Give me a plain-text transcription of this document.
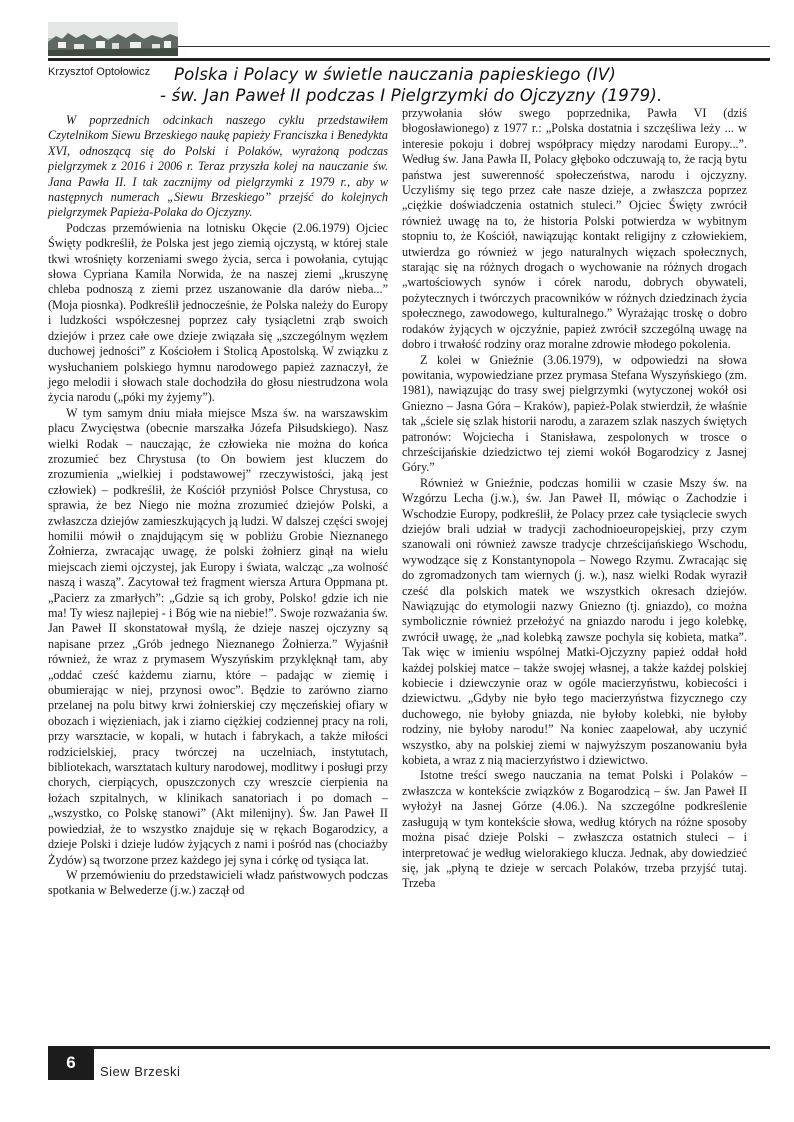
Krzysztof Optołowicz	Polska i Polacy w świetle nauczania papieskiego (IV)
- św. Jan Paweł II podczas I Pielgrzymki do Ojczyzny (1979).

W poprzednich odcinkach naszego cyklu przedstawiłem Czytelnikom Siewu Brzeskiego naukę papieży Franciszka i Benedykta XVI, odnoszącą się do Polski i Polaków, wyrażoną podczas pielgrzymek z 2016 i 2006 r. Teraz przyszła kolej na nauczanie św. Jana Pawła II. I tak zacznijmy od pielgrzymki z 1979 r., aby w następnych numerach „Siewu Brzeskiego” przejść do kolejnych pielgrzymek Papieża-Polaka do Ojczyzny.

Podczas przemówienia na lotnisku Okęcie (2.06.1979) Ojciec Święty podkreślił, że Polska jest jego ziemią ojczystą, w której stale tkwi wrośnięty korzeniami swego życia, serca i powołania, cytując słowa Cypriana Kamila Norwida, że na naszej ziemi „kruszynę chleba podnoszą z ziemi przez uszanowanie dla darów nieba...” (Moja piosnka). Podkreślił jednocześnie, że Polska należy do Europy i ludzkości współczesnej poprzez cały tysiącletni zrąb swoich dziejów i przez całe owe dzieje związała się „szczególnym węzłem duchowej jedności” z Kościołem i Stolicą Apostolską. W związku z wysłuchaniem polskiego hymnu narodowego papież zaznaczył, że jego melodii i słowach stale dochodziła do głosu niestrudzona wola życia narodu („póki my żyjemy”).

W tym samym dniu miała miejsce Msza św. na warszawskim placu Zwycięstwa (obecnie marszałka Józefa Piłsudskiego). Nasz wielki Rodak – nauczając, że człowieka nie można do końca zrozumieć bez Chrystusa (to On bowiem jest kluczem do zrozumienia „wielkiej i podstawowej” rzeczywistości, jaką jest człowiek) – podkreślił, że Kościół przyniósł Polsce Chrystusa, co sprawia, że bez Niego nie można zrozumieć dziejów Polski, a zwłaszcza dziejów zamieszkujących ją ludzi. W dalszej części swojej homilii mówił o znajdującym się w pobliżu Grobie Nieznanego Żołnierza, zwracając uwagę, że polski żołnierz ginął na wielu miejscach ziemi ojczystej, jak Europy i świata, walcząc „za wolność naszą i waszą”. Zacytował też fragment wiersza Artura Oppmana pt. „Pacierz za zmarłych”: „Gdzie są ich groby, Polsko! gdzie ich nie ma! Ty wiesz najlepiej - i Bóg wie na niebie!”. Swoje rozważania św. Jan Paweł II skonstatował myślą, że dzieje naszej ojczyzny są napisane przez „Grób jednego Nieznanego Żołnierza.” Wyjaśnił również, że wraz z prymasem Wyszyńskim przyklęknął tam, aby „oddać cześć każdemu ziarnu, które – padając w ziemię i obumierając w niej, przynosi owoc”. Będzie to zarówno ziarno przelanej na polu bitwy krwi żołnierskiej czy męczeńskiej ofiary w obozach i więzieniach, jak i ziarno ciężkiej codziennej pracy na roli, przy warsztacie, w kopali, w hutach i fabrykach, a także miłości rodzicielskiej, pracy twórczej na uczelniach, instytutach, bibliotekach, warsztatach kultury narodowej, modlitwy i posługi przy chorych, cierpiących, opuszczonych czy wreszcie cierpienia na łożach szpitalnych, w klinikach sanatoriach i po domach – „wszystko, co Polskę stanowi” (Akt milenijny). Św. Jan Paweł II powiedział, że to wszystko znajduje się w rękach Bogarodzicy, a dzieje Polski i dzieje ludów żyjących z nami i pośród nas (chociażby Żydów) są tworzone przez każdego jej syna i córkę od tysiąca lat.

W przemówieniu do przedstawicieli władz państwowych podczas spotkania w Belwederze (j.w.) zaczął od

przywołania słów swego poprzednika, Pawła VI (dziś błogosławionego) z 1977 r.: „Polska dostatnia i szczęśliwa leży ... w interesie pokoju i dobrej współpracy między narodami Europy...”. Według św. Jana Pawła II, Polacy głęboko odczuwają to, że racją bytu państwa jest suwerenność społeczeństwa, narodu i ojczyzny. Uczyliśmy się tego przez całe nasze dzieje, a zwłaszcza poprzez „ciężkie doświadczenia ostatnich stuleci.” Ojciec Święty zwrócił również uwagę na to, że historia Polski potwierdza w wybitnym stopniu to, że Kościół, nawiązując kontakt religijny z człowiekiem, utwierdza go również w jego naturalnych więzach społecznych, starając się na różnych drogach o wychowanie na różnych drogach „wartościowych synów i córek narodu, dobrych obywateli, pożytecznych i twórczych pracowników w różnych dziedzinach życia społecznego, zawodowego, kulturalnego.” Wyrażając troskę o dobro rodaków żyjących w ojczyźnie, papież zwrócił szczególną uwagę na dobro i trwałość rodziny oraz moralne zdrowie młodego pokolenia.

Z kolei w Gnieźnie (3.06.1979), w odpowiedzi na słowa powitania, wypowiedziane przez prymasa Stefana Wyszyńskiego (zm. 1981), nawiązując do trasy swej pielgrzymki (wytyczonej wokół osi Gniezno – Jasna Góra – Kraków), papież-Polak stwierdził, że właśnie tak „ściele się szlak historii narodu, a zarazem szlak naszych świętych patronów: Wojciecha i Stanisława, zespolonych w trosce o chrześcijańskie dziedzictwo tej ziemi wokół Bogarodzicy z Jasnej Góry.”

Również w Gnieźnie, podczas homilii w czasie Mszy św. na Wzgórzu Lecha (j.w.), św. Jan Paweł II, mówiąc o Zachodzie i Wschodzie Europy, podkreślił, że Polacy przez całe tysiąclecie swych dziejów brali udział w tradycji zachodnioeuropejskiej, przy czym szanowali oni również zawsze tradycje chrześcijańskiego Wschodu, wywodzące się z Konstantynopola – Nowego Rzymu. Zwracając się do zgromadzonych tam wiernych (j. w.), nasz wielki Rodak wyraził cześć dla polskich matek we wszystkich okresach dziejów. Nawiązując do etymologii nazwy Gniezno (tj. gniazdo), co można symbolicznie również przełożyć na gniazdo narodu i jego kolebkę, zwrócił uwagę, że „nad kolebką zawsze pochyla się kobieta, matka”. Tak więc w imieniu wspólnej Matki-Ojczyzny papież oddał hołd każdej polskiej matce – także swojej własnej, a także każdej polskiej kobiecie i dziewczynie oraz w ogóle macierzyństwu, kobiecości i dziewictwu. „Gdyby nie było tego macierzyństwa fizycznego czy duchowego, nie byłoby gniazda, nie byłoby kolebki, nie byłoby rodziny, nie byłoby narodu!” Na koniec zaapelował, aby uczynić wszystko, aby na polskiej ziemi w najwyższym poszanowaniu była kobieta, a wraz z nią macierzyństwo i dziewictwo.

Istotne treści swego nauczania na temat Polski i Polaków – zwłaszcza w kontekście związków z Bogarodzicą – św. Jan Paweł II wyłożył na Jasnej Górze (4.06.). Na szczególne podkreślenie zasługują w tym kontekście słowa, według których na różne sposoby można pisać dzieje Polski – zwłaszcza ostatnich stuleci – i interpretować je według wielorakiego klucza. Jednak, aby dowiedzieć się, jak „płyną te dzieje w sercach Polaków, trzeba przyjść tutaj. Trzeba

6	Siew Brzeski
